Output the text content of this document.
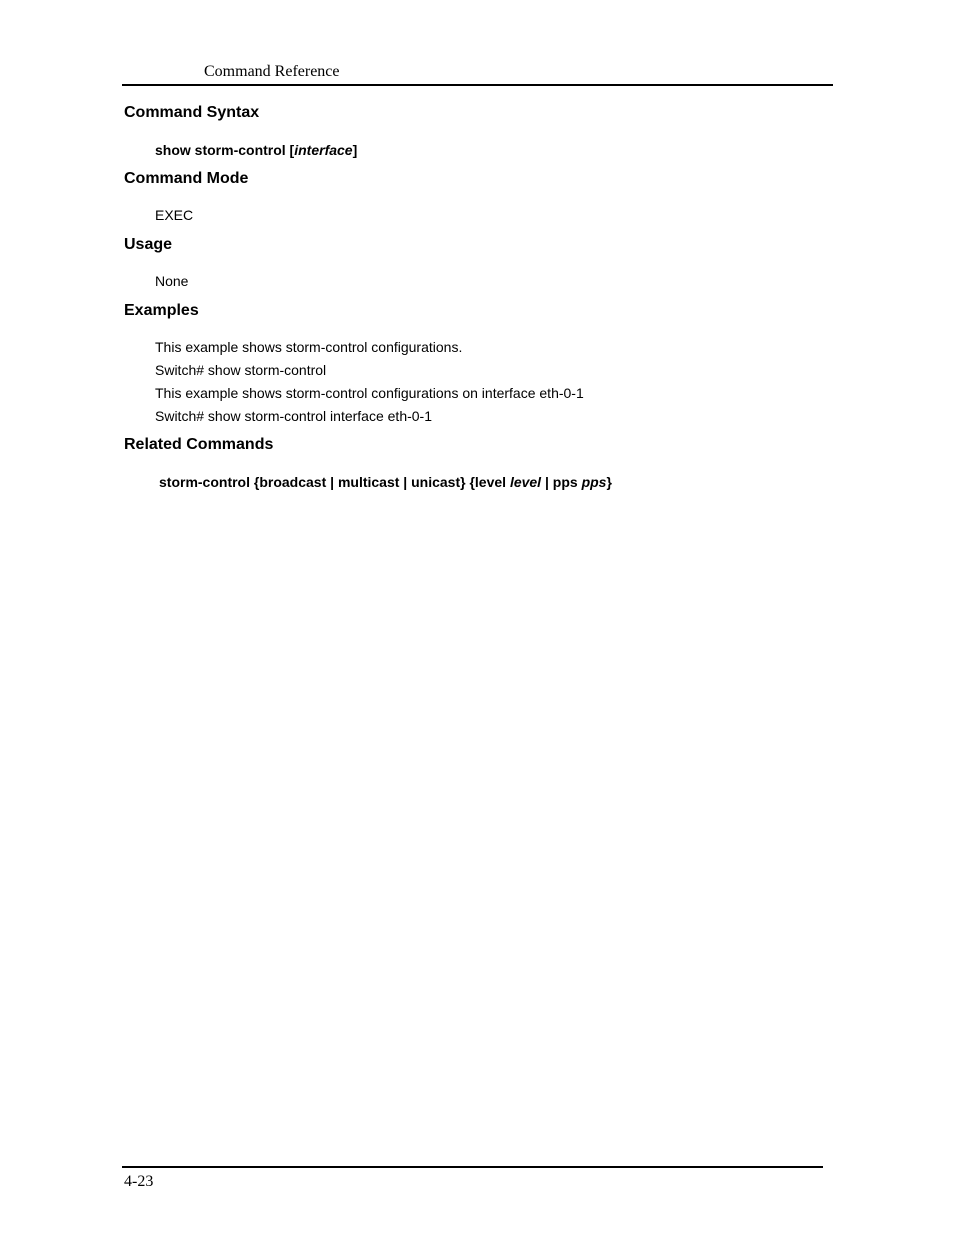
Command Reference
Command Syntax
show storm-control [interface]
Command Mode
EXEC
Usage
None
Examples
This example shows storm-control configurations.
Switch# show storm-control
This example shows storm-control configurations on interface eth-0-1
Switch# show storm-control interface eth-0-1
Related Commands
storm-control {broadcast | multicast | unicast} {level level | pps pps}
4-23
